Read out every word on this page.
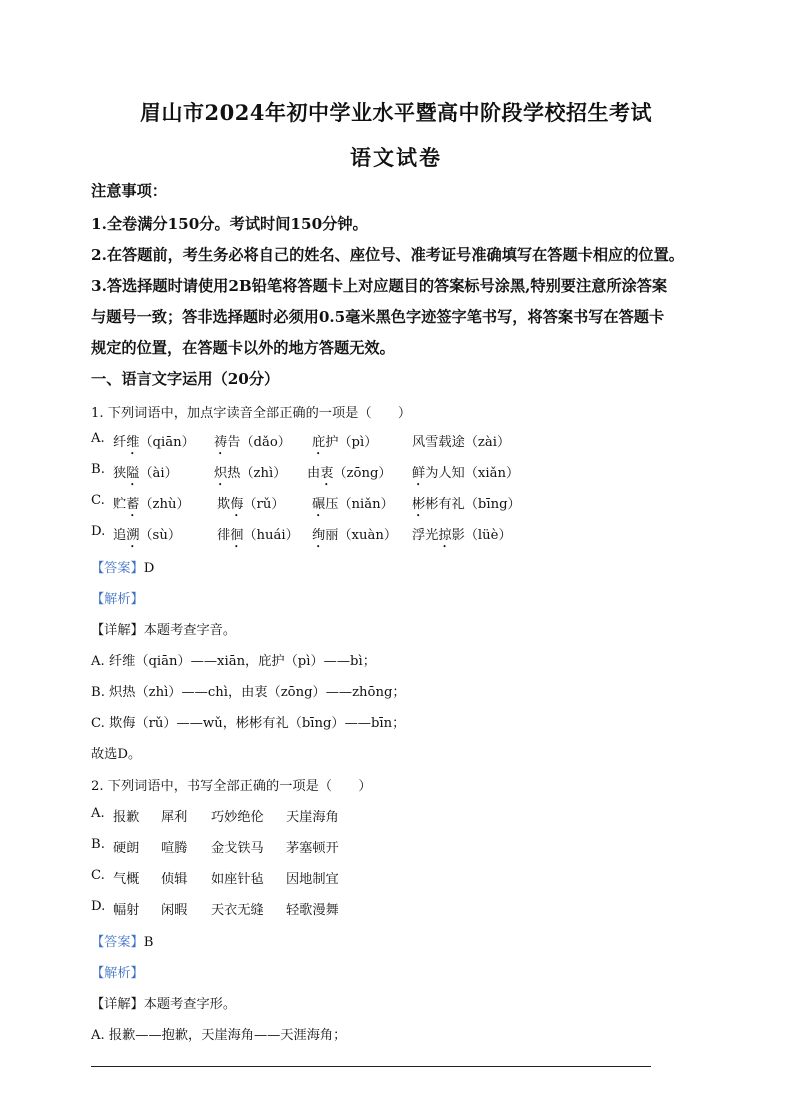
眉山市2024年初中学业水平暨高中阶段学校招生考试
语文试卷
注意事项：
1.全卷满分150分。考试时间150分钟。
2.在答题前，考生务必将自己的姓名、座位号、准考证号准确填写在答题卡相应的位置。
3.答选择题时请使用2B铅笔将答题卡上对应题目的答案标号涂黑,特别要注意所涂答案
与题号一致；答非选择题时必须用0.5毫米黑色字迹签字笔书写，将答案书写在答题卡
规定的位置，在答题卡以外的地方答题无效。
一、语言文字运用（20分）
1. 下列词语中，加点字读音全部正确的一项是（　　）
A. 纤维（qiān） 祷告（dǎo） 庇护（pì）	风雪载途（zài）
B. 狭隘（ài）	炽热（zhì） 由衷（zōng） 鲜为人知（xiǎn）
C. 贮蓄（zhù） 欺侮（rǔ） 碾压（niǎn） 彬彬有礼（bīng）
D. 追溯（sù）	徘徊（huái） 绚丽（xuàn） 浮光掠影（lüè）
【答案】D
【解析】
【详解】本题考查字音。
A. 纤维（qiān）——xiān，庇护（pì）——bì；
B. 炽热（zhì）——chì，由衷（zōng）——zhōng；
C. 欺侮（rǔ）——wǔ，彬彬有礼（bīng）——bīn；
故选D。
2. 下列词语中，书写全部正确的一项是（　　）
A. 报歉 犀利 巧妙绝伦 天崖海角
B. 硬朗 喧腾 金戈铁马 茅塞顿开
C. 气概 侦辑 如座针毡 因地制宜
D. 幅射 闲暇 天衣无缝 轻歌漫舞
【答案】B
【解析】
【详解】本题考查字形。
A. 报歉——抱歉，天崖海角——天涯海角；
